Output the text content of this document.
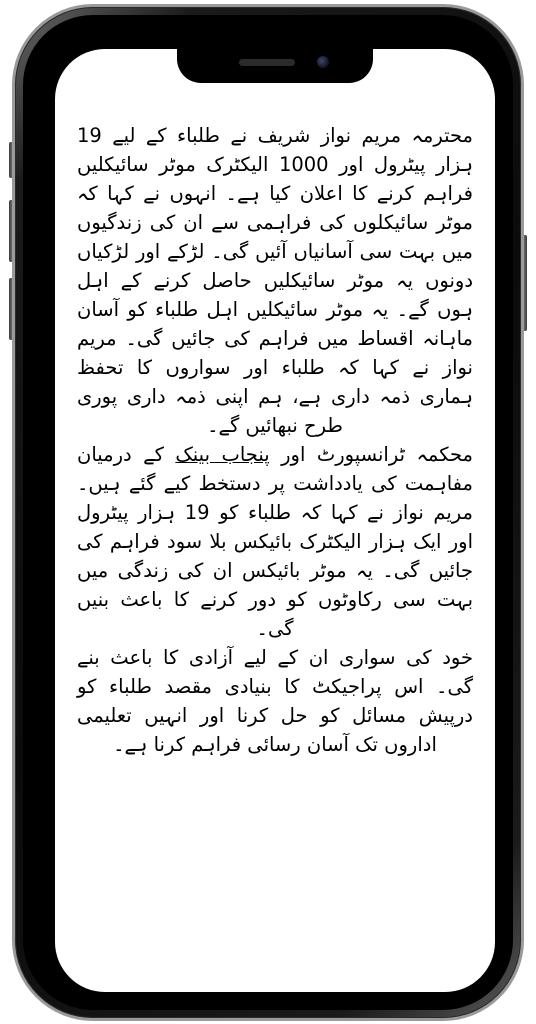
محترمہ مریم نواز شریف نے طلباء کے لیے 19 ہزار پیٹرول اور 1000 الیکٹرک موٹر سائیکلیں فراہم کرنے کا اعلان کیا ہے۔ انہوں نے کہا کہ موٹر سائیکلوں کی فراہمی سے ان کی زندگیوں میں بہت سی آسانیاں آئیں گی۔ لڑکے اور لڑکیاں دونوں یہ موٹر سائیکلیں حاصل کرنے کے اہل ہوں گے۔ یہ موٹر سائیکلیں اہل طلباء کو آسان ماہانہ اقساط میں فراہم کی جائیں گی۔ مریم نواز نے کہا کہ طلباء اور سواروں کا تحفظ ہماری ذمہ داری ہے، ہم اپنی ذمہ داری پوری طرح نبھائیں گے۔

محکمہ ٹرانسپورٹ اور پنجاب بینک کے درمیان مفاہمت کی یادداشت پر دستخط کیے گئے ہیں۔ مریم نواز نے کہا کہ طلباء کو 19 ہزار پیٹرول اور ایک ہزار الیکٹرک بائیکس بلا سود فراہم کی جائیں گی۔ یہ موٹر بائیکس ان کی زندگی میں بہت سی رکاوٹوں کو دور کرنے کا باعث بنیں گی۔

خود کی سواری ان کے لیے آزادی کا باعث بنے گی۔ اس پراجیکٹ کا بنیادی مقصد طلباء کو درپیش مسائل کو حل کرنا اور انہیں تعلیمی اداروں تک آسان رسائی فراہم کرنا ہے۔
